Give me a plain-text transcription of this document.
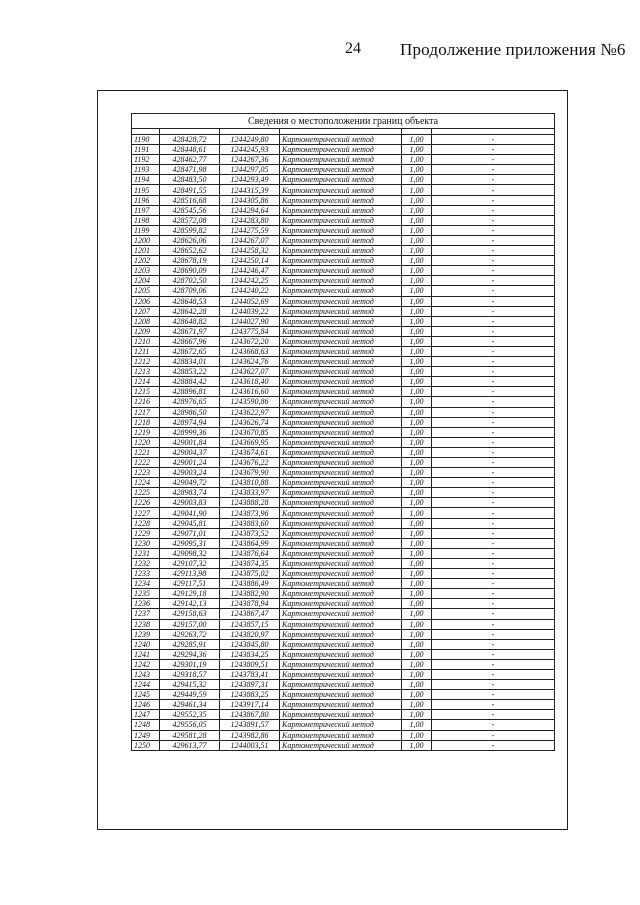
24 Продолжение приложения №6
Сведения о местоположении границ объекта					

1190	428428,72	1244249,80	Картометрический метод	1,00	-
1191	428448,61	1244245,93	Картометрический метод	1,00	-
1192	428462,77	1244267,36	Картометрический метод	1,00	-
1193	428471,98	1244297,05	Картометрический метод	1,00	-
1194	428483,50	1244293,49	Картометрический метод	1,00	-
1195	428491,55	1244315,39	Картометрический метод	1,00	-
1196	428516,68	1244305,86	Картометрический метод	1,00	-
1197	428545,56	1244294,64	Картометрический метод	1,00	-
1198	428572,08	1244283,80	Картометрический метод	1,00	-
1199	428599,82	1244275,59	Картометрический метод	1,00	-
1200	428626,06	1244267,07	Картометрический метод	1,00	-
1201	428652,62	1244258,32	Картометрический метод	1,00	-
1202	428678,19	1244250,14	Картометрический метод	1,00	-
1203	428690,09	1244246,47	Картометрический метод	1,00	-
1204	428702,50	1244242,25	Картометрический метод	1,00	-
1205	428709,06	1244240,22	Картометрический метод	1,00	-
1206	428648,53	1244052,69	Картометрический метод	1,00	-
1207	428642,28	1244039,22	Картометрический метод	1,00	-
1208	428648,82	1244027,90	Картометрический метод	1,00	-
1209	428671,97	1243775,84	Картометрический метод	1,00	-
1210	428667,96	1243672,20	Картометрический метод	1,00	-
1211	428672,65	1243668,63	Картометрический метод	1,00	-
1212	428834,01	1243624,76	Картометрический метод	1,00	-
1213	428853,22	1243627,07	Картометрический метод	1,00	-
1214	428884,42	1243618,40	Картометрический метод	1,00	-
1215	428896,81	1243616,60	Картометрический метод	1,00	-
1216	428976,65	1243590,86	Картометрический метод	1,00	-
1217	428986,50	1243622,97	Картометрический метод	1,00	-
1218	428974,94	1243626,74	Картометрический метод	1,00	-
1219	428999,36	1243670,85	Картометрический метод	1,00	-
1220	429001,84	1243669,95	Картометрический метод	1,00	-
1221	429004,37	1243674,61	Картометрический метод	1,00	-
1222	429001,24	1243676,22	Картометрический метод	1,00	-
1223	429003,24	1243679,90	Картометрический метод	1,00	-
1224	429049,72	1243810,88	Картометрический метод	1,00	-
1225	428983,74	1243833,97	Картометрический метод	1,00	-
1226	429003,83	1243888,28	Картометрический метод	1,00	-
1227	429041,90	1243873,96	Картометрический метод	1,00	-
1228	429045,81	1243883,60	Картометрический метод	1,00	-
1229	429071,01	1243873,52	Картометрический метод	1,00	-
1230	429095,31	1243864,99	Картометрический метод	1,00	-
1231	429098,32	1243876,64	Картометрический метод	1,00	-
1232	429107,32	1243874,35	Картометрический метод	1,00	-
1233	429113,98	1243875,02	Картометрический метод	1,00	-
1234	429117,51	1243886,49	Картометрический метод	1,00	-
1235	429129,18	1243882,90	Картометрический метод	1,00	-
1236	429142,13	1243878,94	Картометрический метод	1,00	-
1237	429158,63	1243867,47	Картометрический метод	1,00	-
1238	429157,00	1243857,15	Картометрический метод	1,00	-
1239	429263,72	1243820,97	Картометрический метод	1,00	-
1240	429285,91	1243845,80	Картометрический метод	1,00	-
1241	429294,36	1243834,25	Картометрический метод	1,00	-
1242	429301,19	1243809,51	Картометрический метод	1,00	-
1243	429318,57	1243783,41	Картометрический метод	1,00	-
1244	429415,32	1243897,31	Картометрический метод	1,00	-
1245	429449,59	1243883,25	Картометрический метод	1,00	-
1246	429461,34	1243917,14	Картометрический метод	1,00	-
1247	429552,35	1243867,80	Картометрический метод	1,00	-
1248	429556,05	1243891,57	Картометрический метод	1,00	-
1249	429581,28	1243982,86	Картометрический метод	1,00	-
1250	429613,77	1244003,51	Картометрический метод	1,00	-
